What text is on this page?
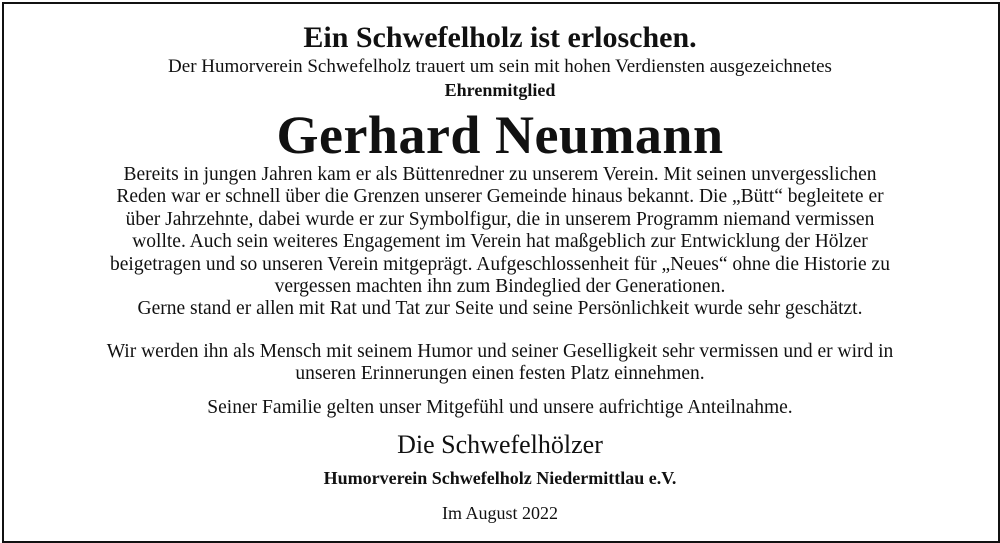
Ein Schwefelholz ist erloschen.

Der Humorverein Schwefelholz trauert um sein mit hohen Verdiensten ausgezeichnetes

Ehrenmitglied

Gerhard Neumann

Bereits in jungen Jahren kam er als Büttenredner zu unserem Verein. Mit seinen unvergesslichen

Reden war er schnell über die Grenzen unserer Gemeinde hinaus bekannt. Die „Bütt“ begleitete er

über Jahrzehnte, dabei wurde er zur Symbolfigur, die in unserem Programm niemand vermissen

wollte. Auch sein weiteres Engagement im Verein hat maßgeblich zur Entwicklung der Hölzer

beigetragen und so unseren Verein mitgeprägt. Aufgeschlossenheit für „Neues“ ohne die Historie zu

vergessen machten ihn zum Bindeglied der Generationen.

Gerne stand er allen mit Rat und Tat zur Seite und seine Persönlichkeit wurde sehr geschätzt.

Wir werden ihn als Mensch mit seinem Humor und seiner Geselligkeit sehr vermissen und er wird in

unseren Erinnerungen einen festen Platz einnehmen.

Seiner Familie gelten unser Mitgefühl und unsere aufrichtige Anteilnahme.

Die Schwefelhölzer

Humorverein Schwefelholz Niedermittlau e.V.

Im August 2022
